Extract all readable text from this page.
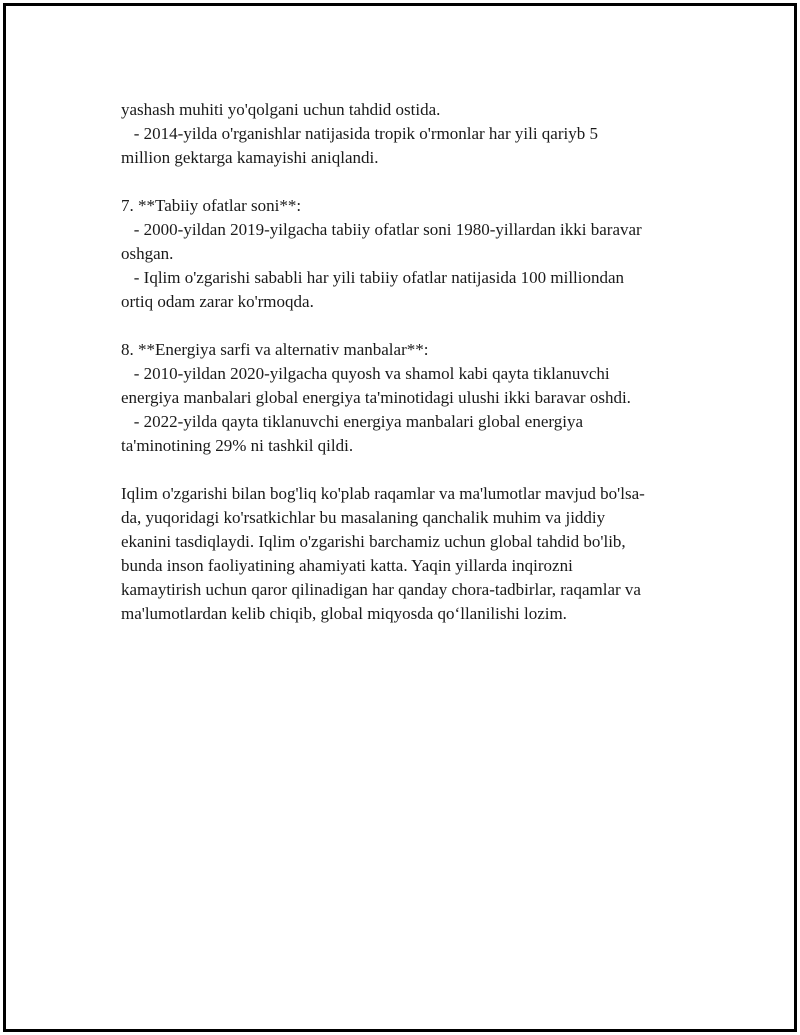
yashash muhiti yo'qolgani uchun tahdid ostida.
- 2014-yilda o'rganishlar natijasida tropik o'rmonlar har yili qariyb 5
million gektarga kamayishi aniqlandi.
7. **Tabiiy ofatlar soni**:
- 2000-yildan 2019-yilgacha tabiiy ofatlar soni 1980-yillardan ikki baravar
oshgan.
- Iqlim o'zgarishi sababli har yili tabiiy ofatlar natijasida 100 milliondan
ortiq odam zarar ko'rmoqda.
8. **Energiya sarfi va alternativ manbalar**:
- 2010-yildan 2020-yilgacha quyosh va shamol kabi qayta tiklanuvchi
energiya manbalari global energiya ta'minotidagi ulushi ikki baravar oshdi.
- 2022-yilda qayta tiklanuvchi energiya manbalari global energiya
ta'minotining 29% ni tashkil qildi.
Iqlim o'zgarishi bilan bog'liq ko'plab raqamlar va ma'lumotlar mavjud bo'lsa-
da, yuqoridagi ko'rsatkichlar bu masalaning qanchalik muhim va jiddiy
ekanini tasdiqlaydi. Iqlim o'zgarishi barchamiz uchun global tahdid bo'lib,
bunda inson faoliyatining ahamiyati katta. Yaqin yillarda inqirozni
kamaytirish uchun qaror qilinadigan har qanday chora-tadbirlar, raqamlar va
ma'lumotlardan kelib chiqib, global miqyosda qo‘llanilishi lozim.
